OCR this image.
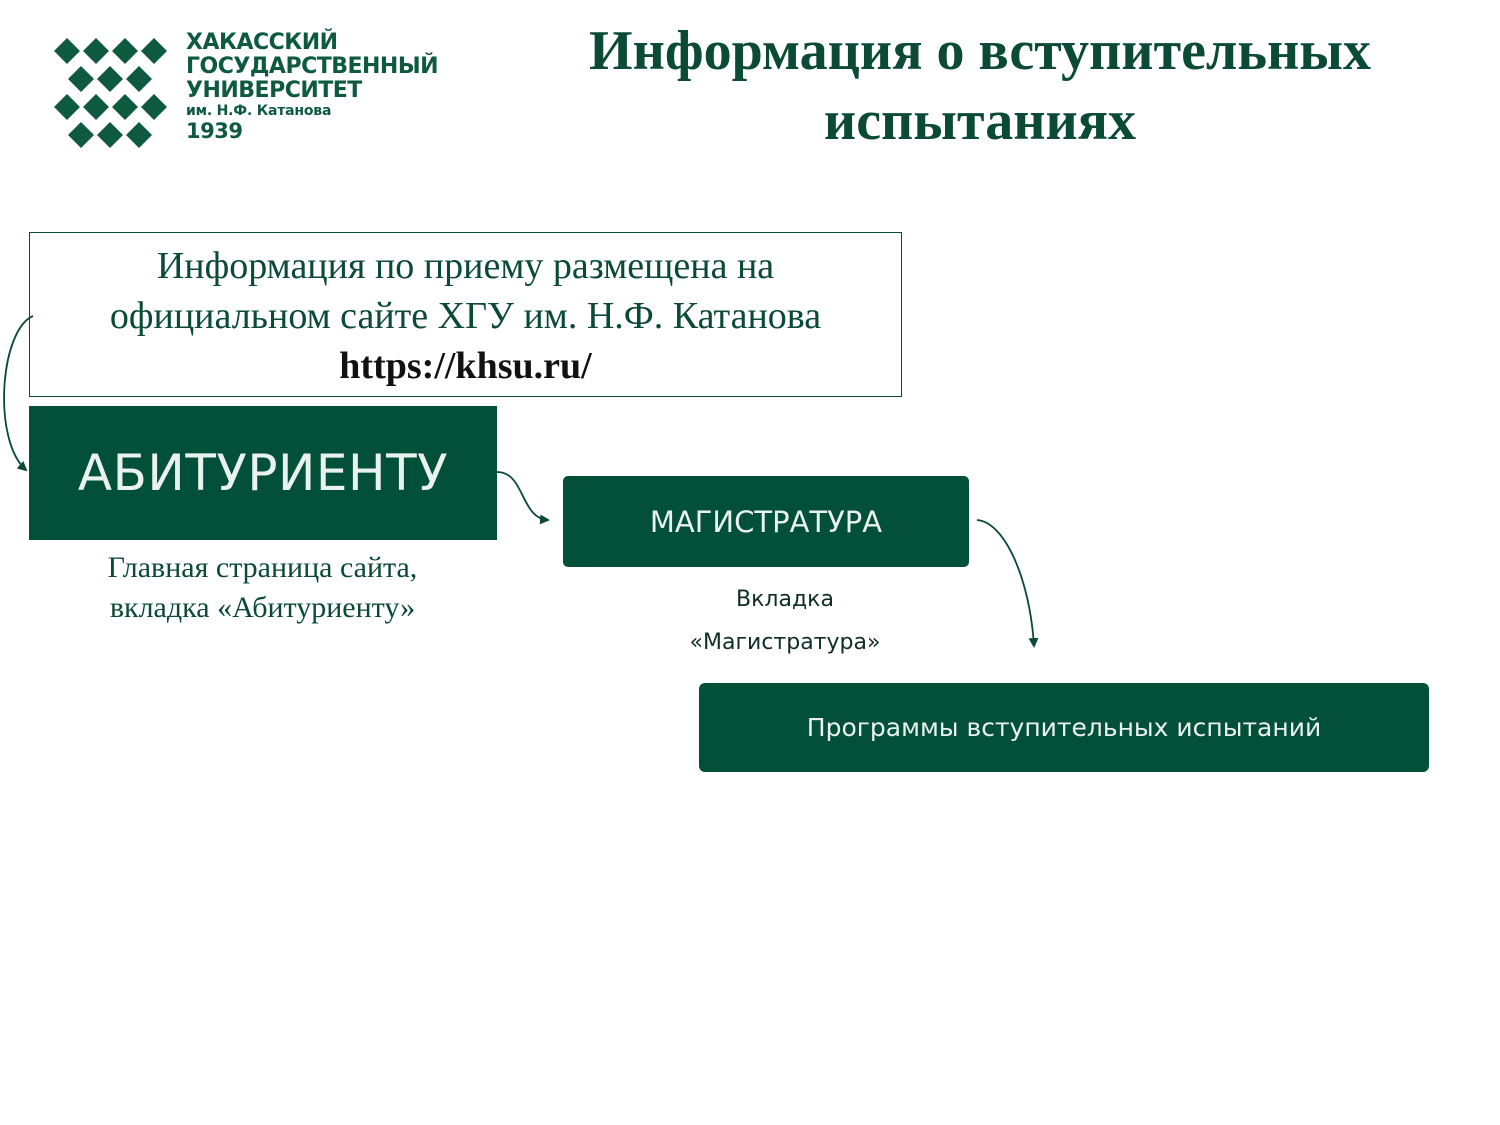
ХАКАССКИЙ
ГОСУДАРСТВЕННЫЙ
УНИВЕРСИТЕТ
им. Н.Ф. Катанова
1939
Информация о вступительных испытаниях
Информация по приему размещена на
официальном сайте ХГУ им. Н.Ф. Катанова
https://khsu.ru/
АБИТУРИЕНТУ
Главная страница сайта,
вкладка «Абитуриенту»
МАГИСТРАТУРА
Вкладка
«Магистратура»
Программы вступительных испытаний
